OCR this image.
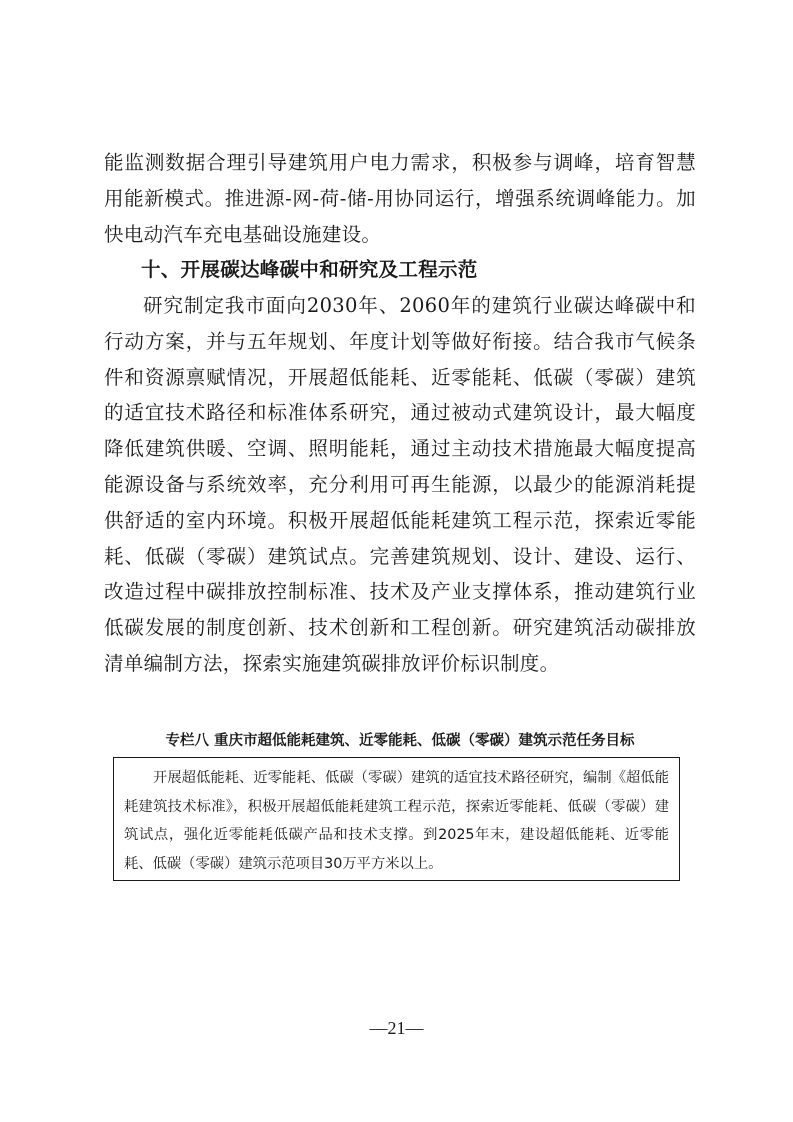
能监测数据合理引导建筑用户电力需求，积极参与调峰，培育智慧用能新模式。推进源-网-荷-储-用协同运行，增强系统调峰能力。加快电动汽车充电基础设施建设。

十、开展碳达峰碳中和研究及工程示范

研究制定我市面向2030年、2060年的建筑行业碳达峰碳中和行动方案，并与五年规划、年度计划等做好衔接。结合我市气候条件和资源禀赋情况，开展超低能耗、近零能耗、低碳（零碳）建筑的适宜技术路径和标准体系研究，通过被动式建筑设计，最大幅度降低建筑供暖、空调、照明能耗，通过主动技术措施最大幅度提高能源设备与系统效率，充分利用可再生能源，以最少的能源消耗提供舒适的室内环境。积极开展超低能耗建筑工程示范，探索近零能耗、低碳（零碳）建筑试点。完善建筑规划、设计、建设、运行、改造过程中碳排放控制标准、技术及产业支撑体系，推动建筑行业低碳发展的制度创新、技术创新和工程创新。研究建筑活动碳排放清单编制方法，探索实施建筑碳排放评价标识制度。

专栏八 重庆市超低能耗建筑、近零能耗、低碳（零碳）建筑示范任务目标

开展超低能耗、近零能耗、低碳（零碳）建筑的适宜技术路径研究，编制《超低能耗建筑技术标准》，积极开展超低能耗建筑工程示范，探索近零能耗、低碳（零碳）建筑试点，强化近零能耗低碳产品和技术支撑。到2025年末，建设超低能耗、近零能耗、低碳（零碳）建筑示范项目30万平方米以上。

—21—
